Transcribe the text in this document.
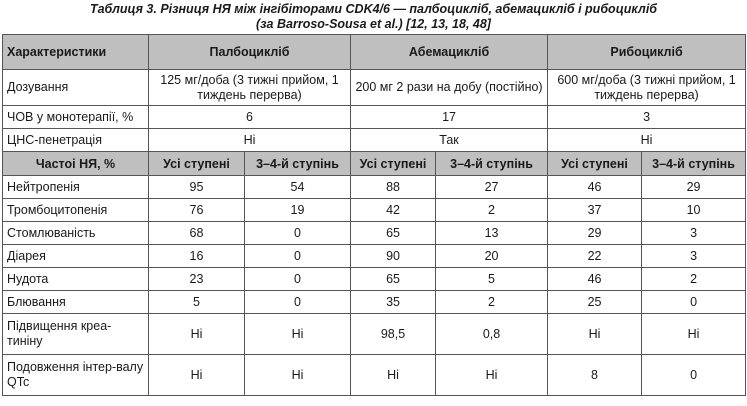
Таблиця 3. Різниця НЯ між інгібіторами CDK4/6 — палбоцикліб, абемацикліб і рибоцикліб
(за Barroso-Sousa et al.) [12, 13, 18, 48]
Характеристики	Палбоцикліб		Абемацикліб		Рибоцикліб	
Дозування	125 мг/доба (3 тижні прийом, 1 тиждень перерва)		200 мг 2 рази на добу (постійно)		600 мг/доба (3 тижні прийом, 1 тиждень перерва)	
ЧОВ у монотерапії, %	6		17		3	
ЦНС-пенетрація	Ні		Так		Ні	
Частоі НЯ, %	Усі ступені	3–4-й ступінь	Усі ступені	3–4-й ступінь	Усі ступені	3–4-й ступінь
Нейтропенія	95	54	88	27	46	29
Тромбоцитопенія	76	19	42	2	37	10
Стомлюваність	68	0	65	13	29	3
Діарея	16	0	90	20	22	3
Нудота	23	0	65	5	46	2
Блювання	5	0	35	2	25	0
Підвищення креа-тиніну	Ні	Ні	98,5	0,8	Ні	Ні
Подовження інтер-валу QTc	Ні	Ні	Ні	Ні	8	0
